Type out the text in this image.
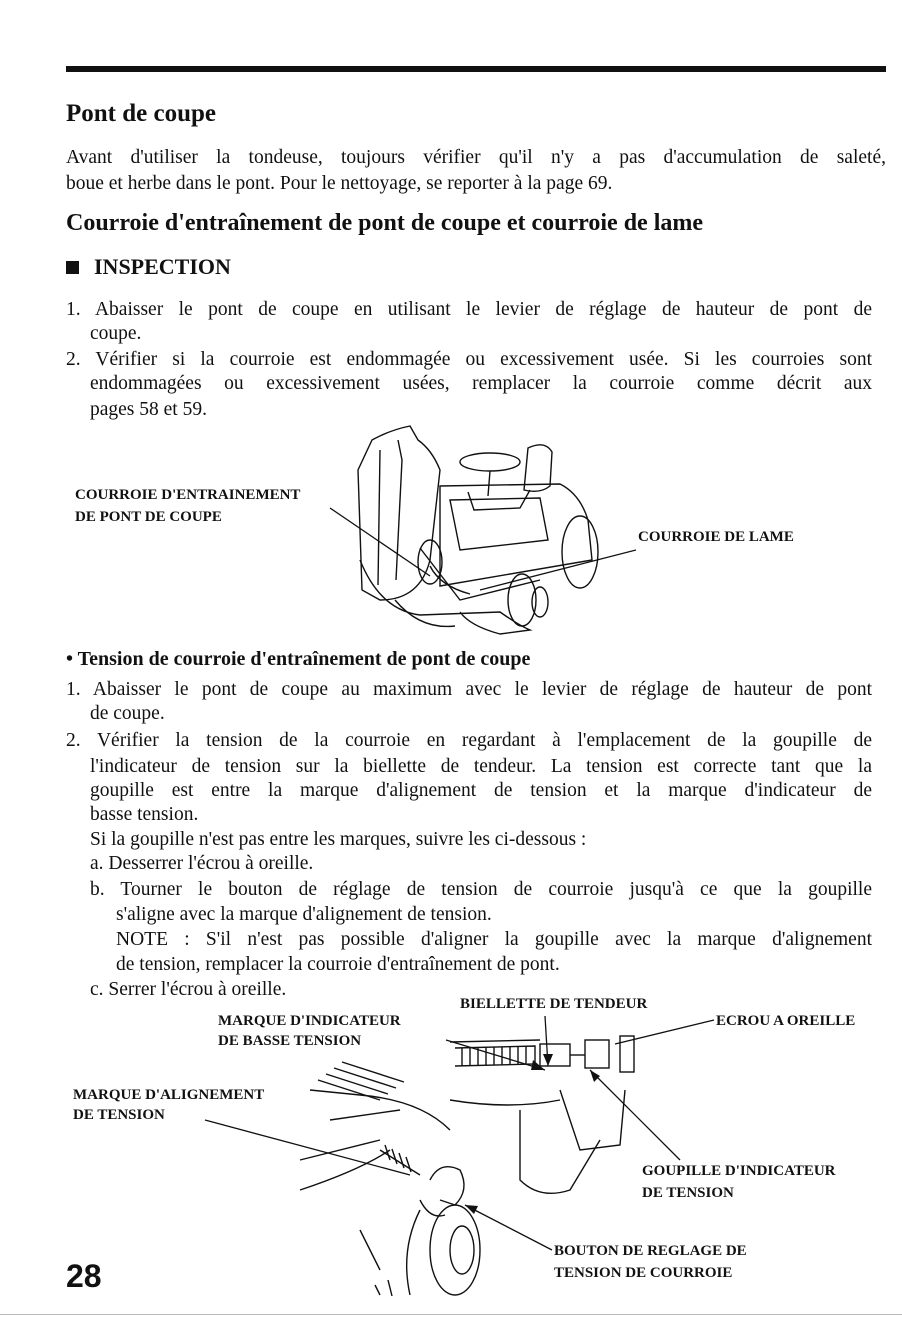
Pont de coupe

Avant d'utiliser la tondeuse, toujours vérifier qu'il n'y a pas d'accumulation de saleté,

boue et herbe dans le pont. Pour le nettoyage, se reporter à la page 69.

Courroie d'entraînement de pont de coupe et courroie de lame
INSPECTION

1. Abaisser le pont de coupe en utilisant le levier de réglage de hauteur de pont de

coupe.

2. Vérifier si la courroie est endommagée ou excessivement usée. Si les courroies sont

endommagées ou excessivement usées, remplacer la courroie comme décrit aux

pages 58 et 59.

COURROIE D'ENTRAINEMENT
DE PONT DE COUPE
COURROIE DE LAME
• Tension de courroie d'entraînement de pont de coupe

1. Abaisser le pont de coupe au maximum avec le levier de réglage de hauteur de pont

de coupe.

2. Vérifier la tension de la courroie en regardant à l'emplacement de la goupille de

l'indicateur de tension sur la biellette de tendeur. La tension est correcte tant que la

goupille est entre la marque d'alignement de tension et la marque d'indicateur de

basse tension.

Si la goupille n'est pas entre les marques, suivre les ci-dessous :

a. Desserrer l'écrou à oreille.

b. Tourner le bouton de réglage de tension de courroie jusqu'à ce que la goupille

s'aligne avec la marque d'alignement de tension.

NOTE : S'il n'est pas possible d'aligner la goupille avec la marque d'alignement

de tension, remplacer la courroie d'entraînement de pont.

c. Serrer l'écrou à oreille.

BIELLETTE DE TENDEUR
MARQUE D'INDICATEUR
DE BASSE TENSION
ECROU A OREILLE
MARQUE D'ALIGNEMENT
DE TENSION
GOUPILLE D'INDICATEUR
DE TENSION
BOUTON DE REGLAGE DE
TENSION DE COURROIE
28
